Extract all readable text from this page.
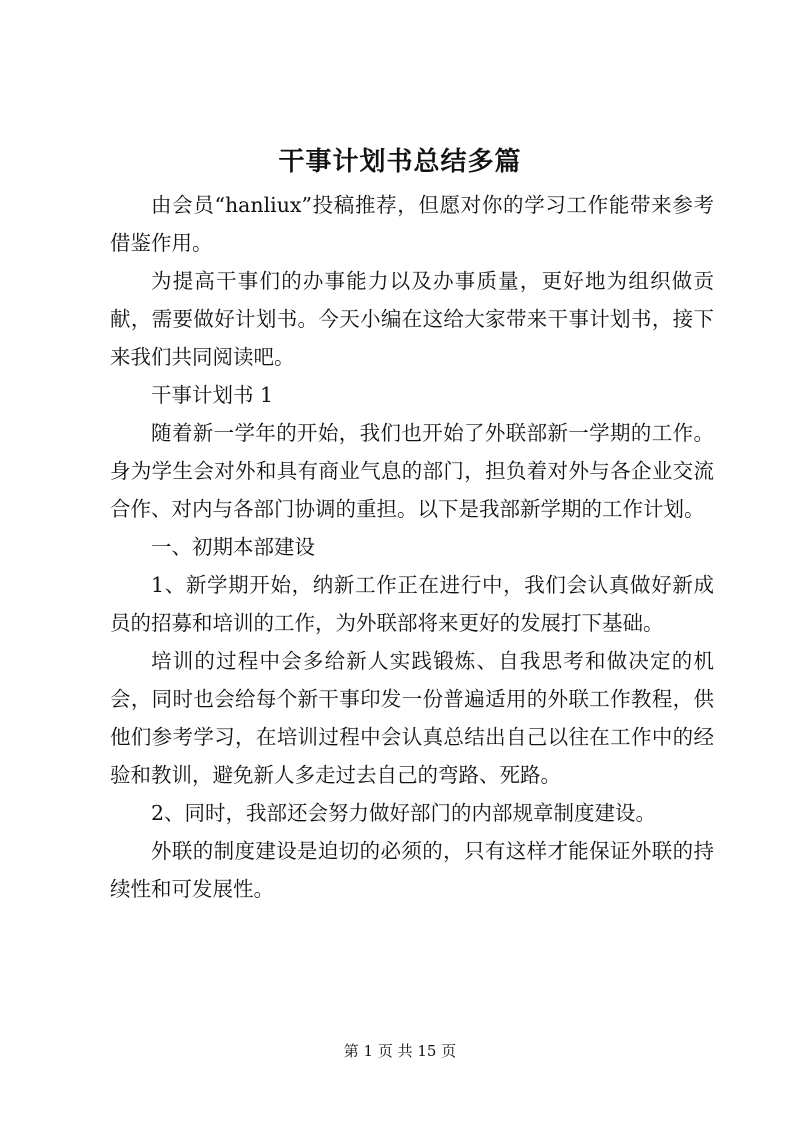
干事计划书总结多篇

由会员“hanliux”投稿推荐，但愿对你的学习工作能带来参考借鉴作用。

为提高干事们的办事能力以及办事质量，更好地为组织做贡献，需要做好计划书。今天小编在这给大家带来干事计划书，接下来我们共同阅读吧。

干事计划书 1

随着新一学年的开始，我们也开始了外联部新一学期的工作。身为学生会对外和具有商业气息的部门，担负着对外与各企业交流合作、对内与各部门协调的重担。以下是我部新学期的工作计划。

一、初期本部建设

1、新学期开始，纳新工作正在进行中，我们会认真做好新成员的招募和培训的工作，为外联部将来更好的发展打下基础。

培训的过程中会多给新人实践锻炼、自我思考和做决定的机会，同时也会给每个新干事印发一份普遍适用的外联工作教程，供他们参考学习，在培训过程中会认真总结出自己以往在工作中的经验和教训，避免新人多走过去自己的弯路、死路。

2、同时，我部还会努力做好部门的内部规章制度建设。

外联的制度建设是迫切的必须的，只有这样才能保证外联的持续性和可发展性。

第 1 页 共 15 页
